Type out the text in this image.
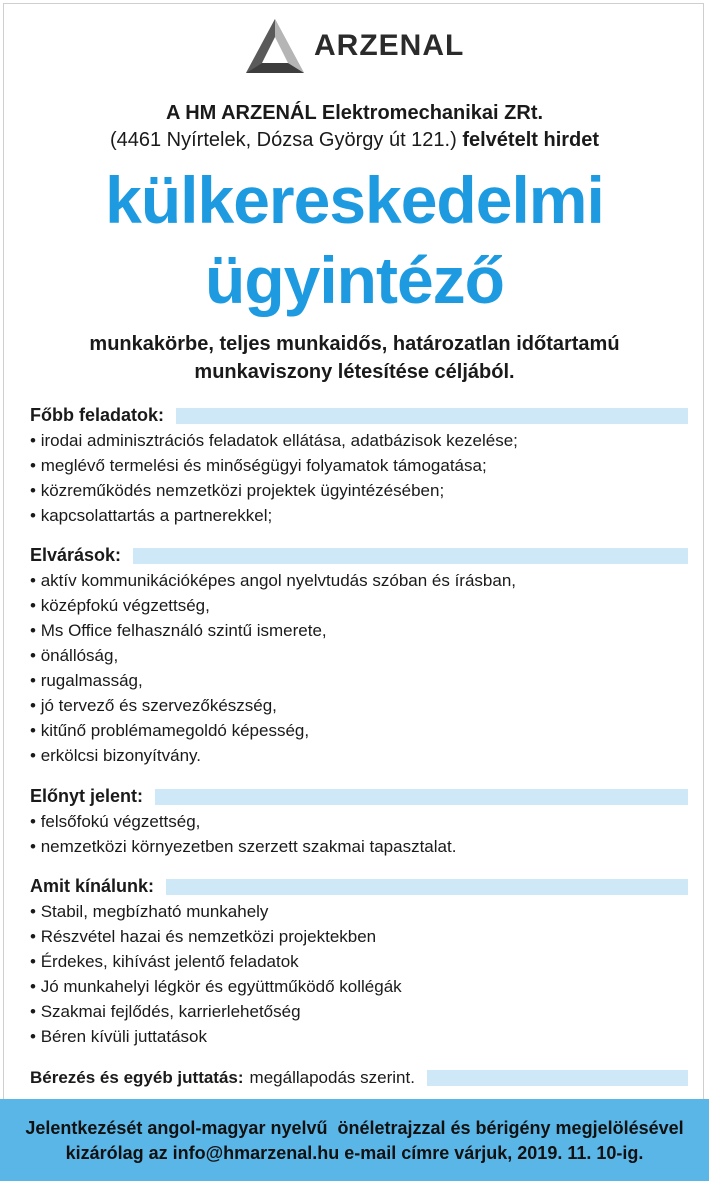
ARZENAL
A HM ARZENÁL Elektromechanikai ZRt.
(4461 Nyírtelek, Dózsa György út 121.) felvételt hirdet
külkereskedelmi
ügyintéző
munkakörbe, teljes munkaidős, határozatlan időtartamú
munkaviszony létesítése céljából.
Főbb feladatok:
• irodai adminisztrációs feladatok ellátása, adatbázisok kezelése;
• meglévő termelési és minőségügyi folyamatok támogatása;
• közreműködés nemzetközi projektek ügyintézésében;
• kapcsolattartás a partnerekkel;
Elvárások:
• aktív kommunikációképes angol nyelvtudás szóban és írásban,
• középfokú végzettség,
• Ms Office felhasználó szintű ismerete,
• önállóság,
• rugalmasság,
• jó tervező és szervezőkészség,
• kitűnő problémamegoldó képesség,
• erkölcsi bizonyítvány.
Előnyt jelent:
• felsőfokú végzettség,
• nemzetközi környezetben szerzett szakmai tapasztalat.
Amit kínálunk:
• Stabil, megbízható munkahely
• Részvétel hazai és nemzetközi projektekben
• Érdekes, kihívást jelentő feladatok
• Jó munkahelyi légkör és együttműködő kollégák
• Szakmai fejlődés, karrierlehetőség
• Béren kívüli juttatások
Bérezés és egyéb juttatás: megállapodás szerint.
Jelentkezését angol-magyar nyelvű  önéletrajzzal és bérigény megjelölésével
kizárólag az info@hmarzenal.hu e-mail címre várjuk, 2019. 11. 10-ig.
